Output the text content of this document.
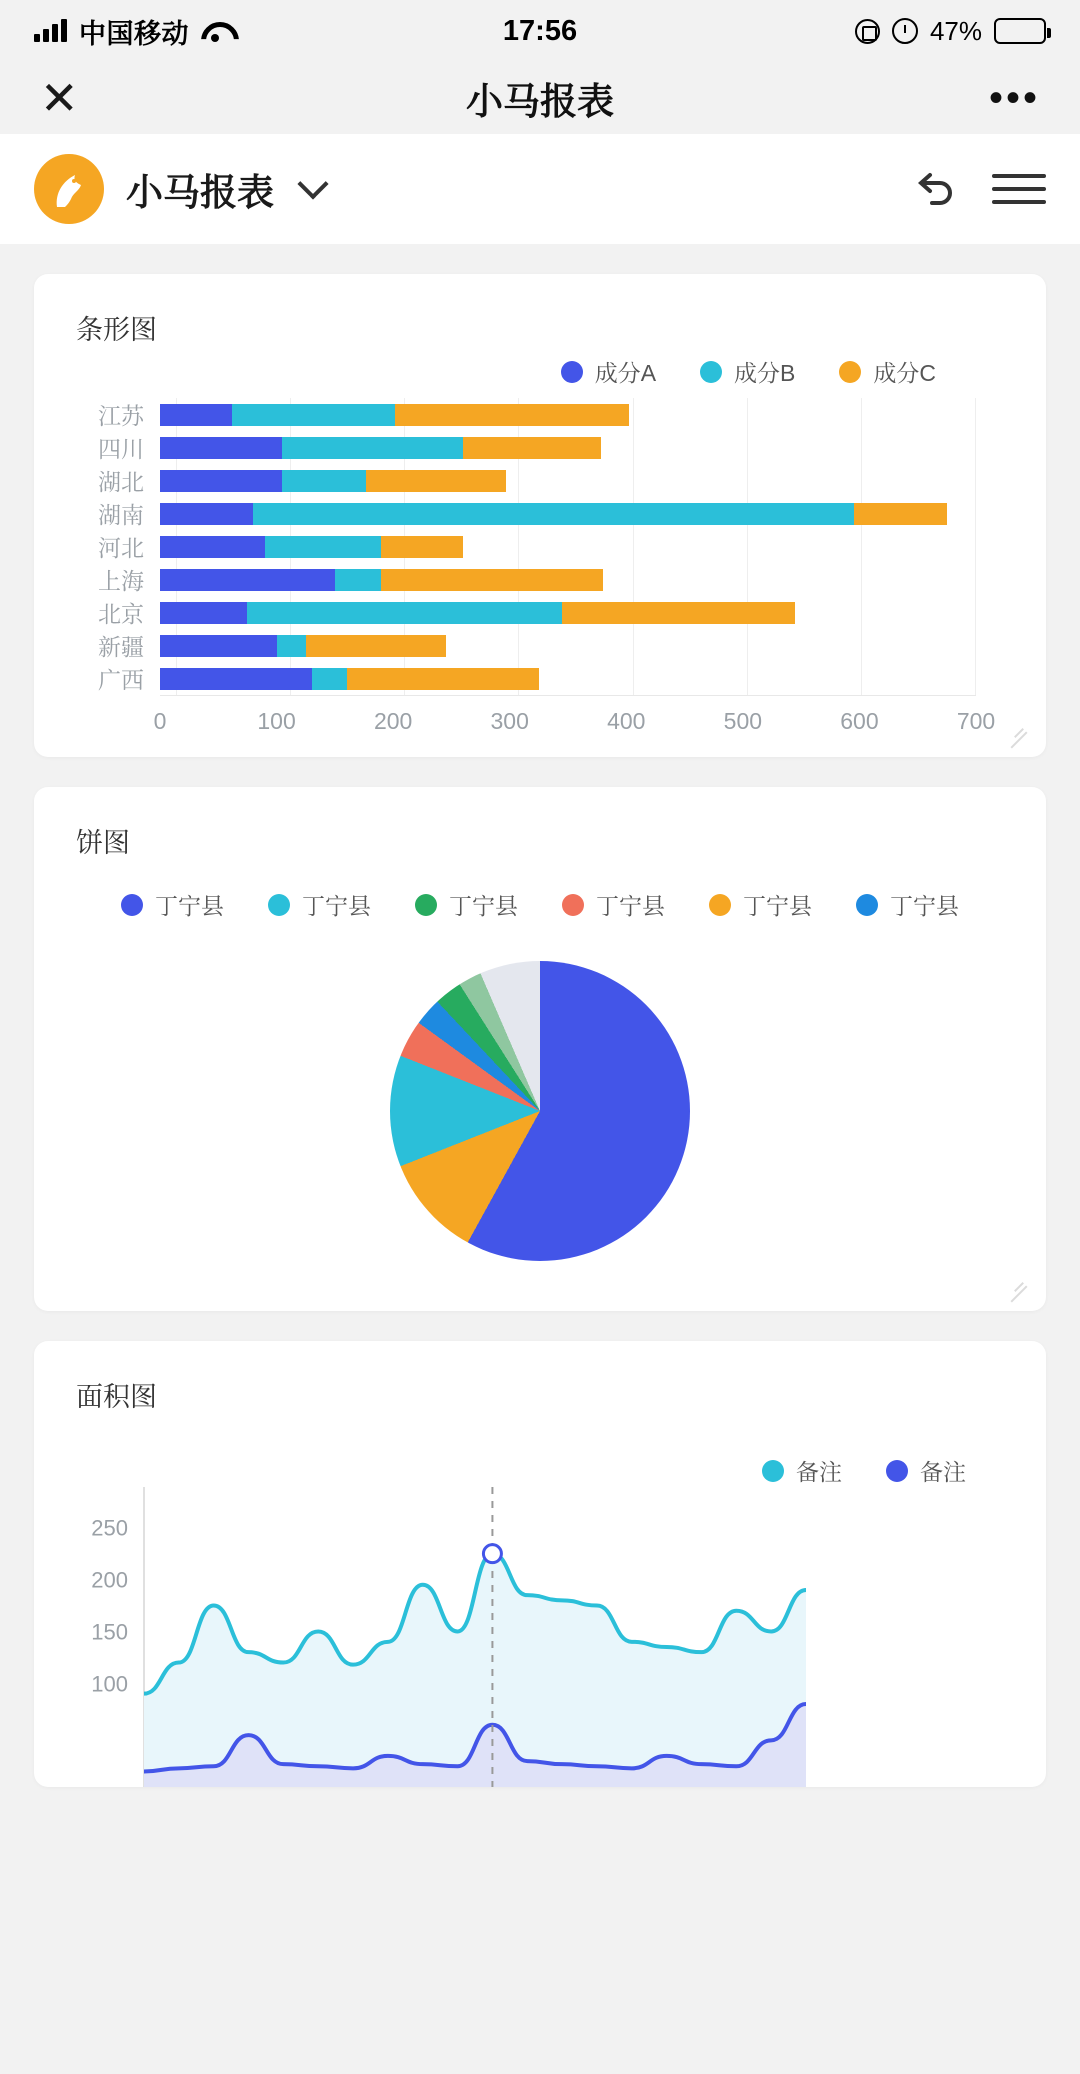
中国移动	17:56	47%
✕	小马报表	•••
小马报表
条形图
成分A	成分B	成分C
江苏
四川
湖北
湖南
河北
上海
北京
新疆
广西
0	100	200	300	400	500	600	700
饼图
丁宁县	丁宁县	丁宁县	丁宁县	丁宁县	丁宁县
面积图
备注	备注
100
150
200
250
